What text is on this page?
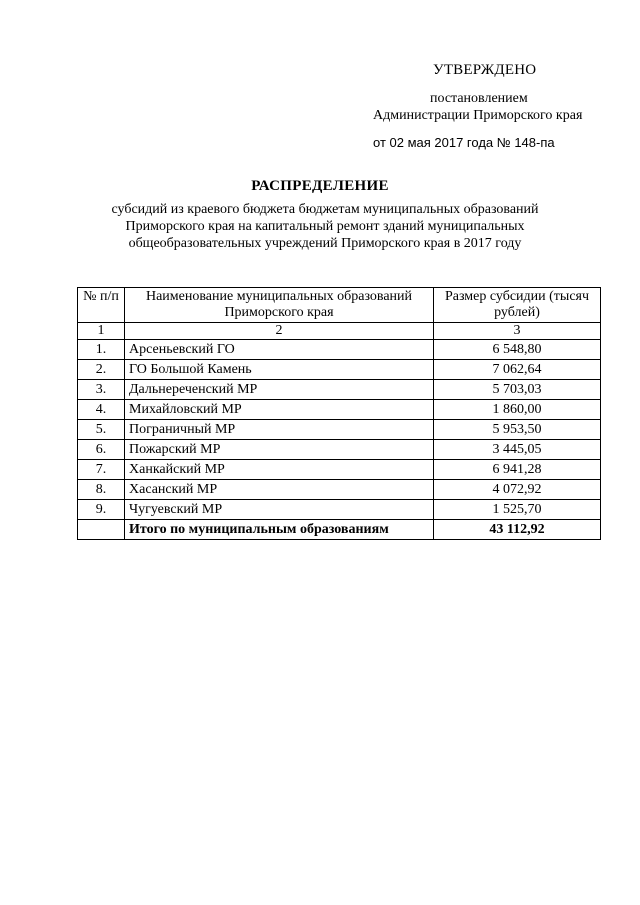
УТВЕРЖДЕНО
постановлением
Администрации Приморского края
от 02 мая 2017 года № 148-па
РАСПРЕДЕЛЕНИЕ
субсидий из краевого бюджета бюджетам муниципальных образований
Приморского края на капитальный ремонт зданий муниципальных
общеобразовательных учреждений Приморского края в 2017 году
№ п/п	Наименование муниципальных образований Приморского края	Размер субсидии (тысяч рублей)
1	2	3
1.	Арсеньевский ГО	6 548,80
2.	ГО Большой Камень	7 062,64
3.	Дальнереченский МР	5 703,03
4.	Михайловский МР	1 860,00
5.	Пограничный МР	5 953,50
6.	Пожарский МР	3 445,05
7.	Ханкайский МР	6 941,28
8.	Хасанский МР	4 072,92
9.	Чугуевский МР	1 525,70
	Итого по муниципальным образованиям	43 112,92
